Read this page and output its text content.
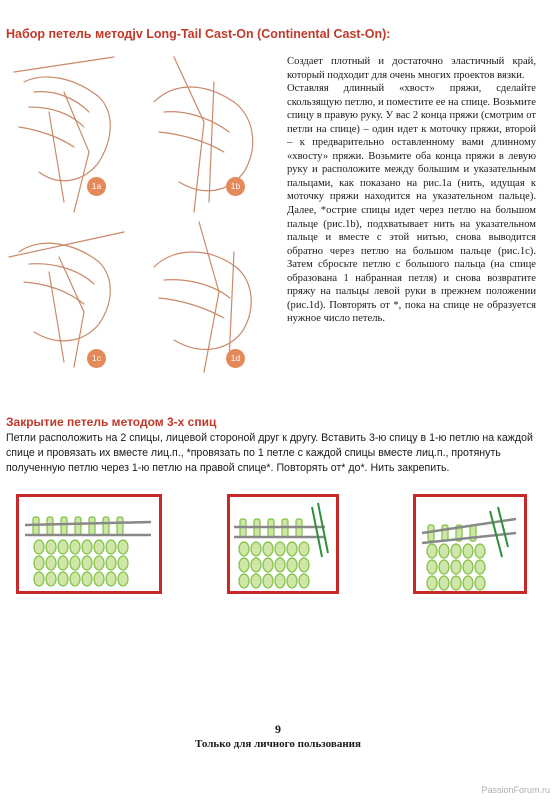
Набор петель методjv Long-Tail Cast-On (Continental Cast-On):
1a	1b
1c	1d

Создает плотный и достаточно эластичный край, который подходит для очень многих проектов вязки.

Оставляя длинный «хвост» пряжи, сделайте скользящую петлю, и поместите ее на спице. Возьмите спицу в правую руку. У вас 2 конца пряжи (смотрим от петли на спице) – один идет к моточку пряжи, второй – к предварительно оставленному вами длинному «хвосту» пряжи. Возьмите оба конца пряжи в левую руку и расположите между большим и указательным пальцами, как показано на рис.1а (нить, идущая к моточку пряжи находится на указательном пальце). Далее, *острие спицы идет через петлю на большом пальце (рис.1b), подхватывает нить на указательном пальце и вместе с этой нитью, снова выводится обратно через петлю на большом пальце (рис.1c). Затем сбросьте петлю с большого пальца (на спице образована 1 набранная петля) и снова возвратите пряжу на пальцы левой руки в прежнем положении (рис.1d). Повторять от *, пока на спице не образуется нужное число петель.

Закрытие петель методом 3-х спиц

Петли расположить на 2 спицы, лицевой стороной друг к другу. Вставить 3-ю спицу в 1-ю петлю на каждой спице и провязать их вместе лиц.п., *провязать по 1 петле с каждой спицы вместе лиц.п., протянуть полученную петлю через 1-ю петлю на правой спице*. Повторять от* до*. Нить закрепить.

9
Только для личного пользования
PassionForum.ru
